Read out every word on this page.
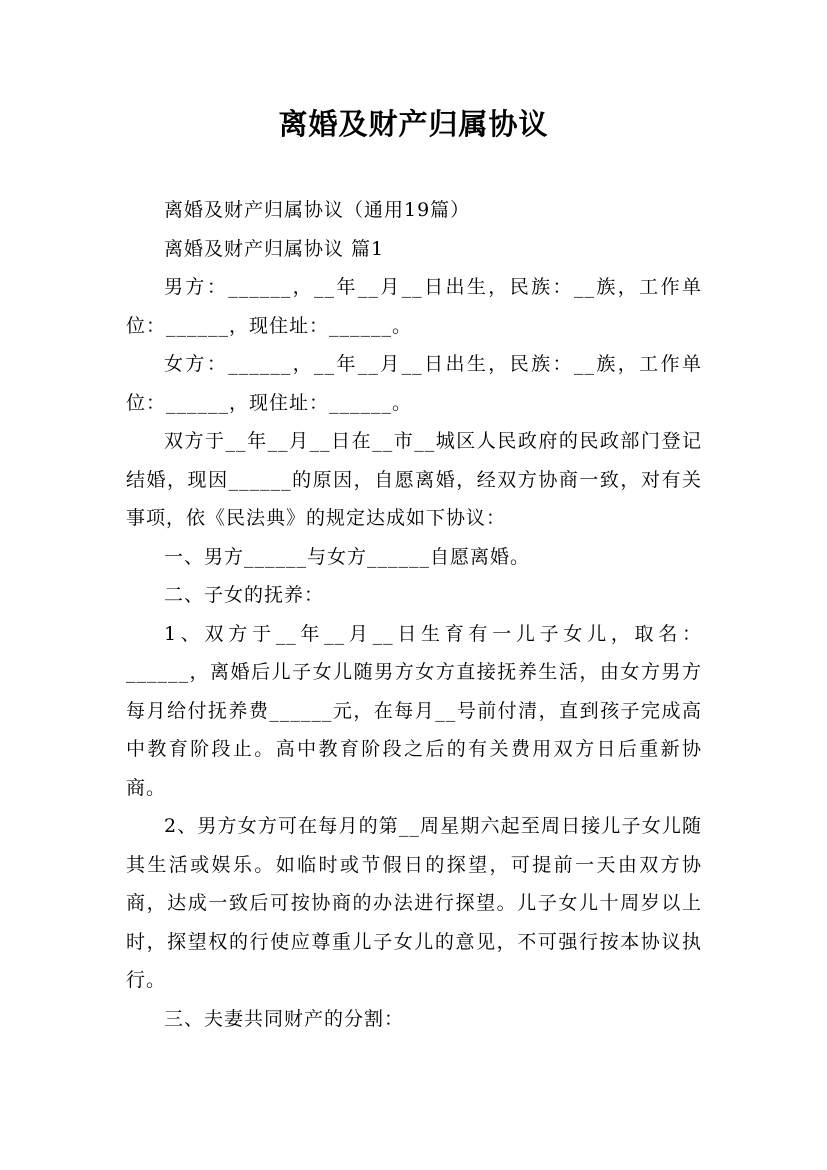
离婚及财产归属协议

离婚及财产归属协议（通用19篇）

离婚及财产归属协议 篇1

男方：______，__年__月__日出生，民族：__族，工作单位：______，现住址：______。

女方：______，__年__月__日出生，民族：__族，工作单位：______，现住址：______。

双方于__年__月__日在__市__城区人民政府的民政部门登记结婚，现因______的原因，自愿离婚，经双方协商一致，对有关事项，依《民法典》的规定达成如下协议：

一、男方______与女方______自愿离婚。

二、子女的抚养：

1、双方于__年__月__日生育有一儿子女儿，取名：______，离婚后儿子女儿随男方女方直接抚养生活，由女方男方每月给付抚养费______元，在每月__号前付清，直到孩子完成高中教育阶段止。高中教育阶段之后的有关费用双方日后重新协商。

2、男方女方可在每月的第__周星期六起至周日接儿子女儿随其生活或娱乐。如临时或节假日的探望，可提前一天由双方协商，达成一致后可按协商的办法进行探望。儿子女儿十周岁以上时，探望权的行使应尊重儿子女儿的意见，不可强行按本协议执行。

三、夫妻共同财产的分割：
